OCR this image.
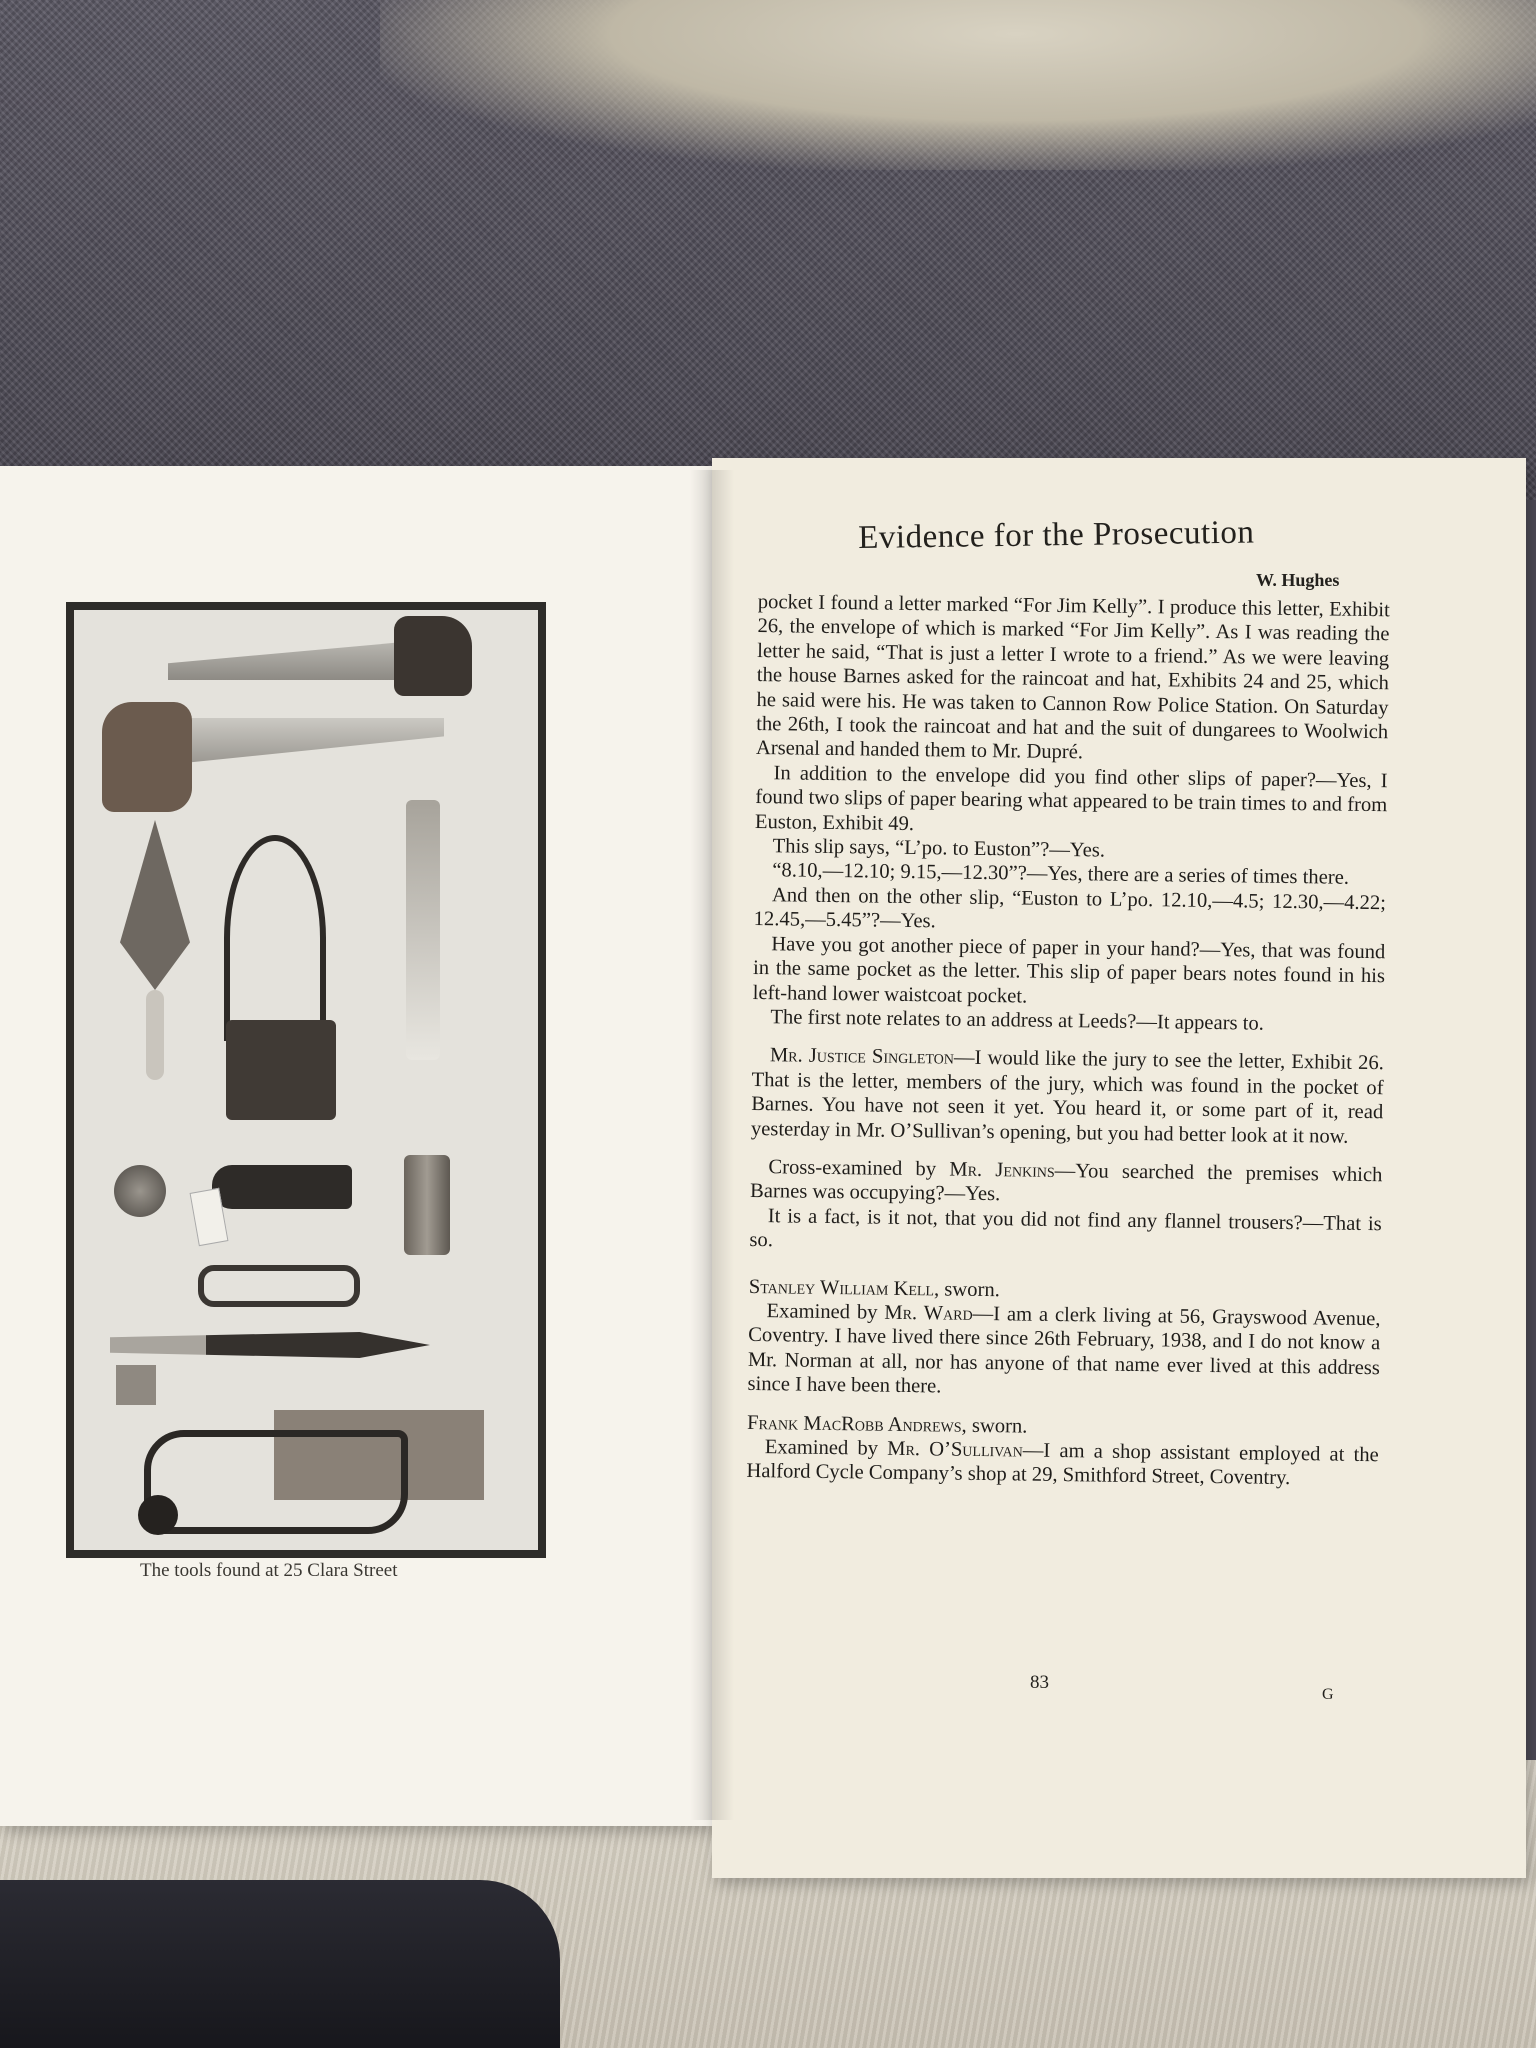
The tools found at 25 Clara Street
Evidence for the Prosecution
W. Hughes

pocket I found a letter marked “For Jim Kelly”. I produce this letter, Exhibit 26, the envelope of which is marked “For Jim Kelly”. As I was reading the letter he said, “That is just a letter I wrote to a friend.” As we were leaving the house Barnes asked for the raincoat and hat, Exhibits 24 and 25, which he said were his. He was taken to Cannon Row Police Station. On Saturday the 26th, I took the raincoat and hat and the suit of dungarees to Woolwich Arsenal and handed them to Mr. Dupré.

In addition to the envelope did you find other slips of paper?—Yes, I found two slips of paper bearing what appeared to be train times to and from Euston, Exhibit 49.

This slip says, “L’po. to Euston”?—Yes.

“8.10,—12.10; 9.15,—12.30”?—Yes, there are a series of times there.

And then on the other slip, “Euston to L’po. 12.10,—4.5; 12.30,—4.22; 12.45,—5.45”?—Yes.

Have you got another piece of paper in your hand?—Yes, that was found in the same pocket as the letter. This slip of paper bears notes found in his left-hand lower waistcoat pocket.

The first note relates to an address at Leeds?—It appears to.

Mr. Justice Singleton—I would like the jury to see the letter, Exhibit 26. That is the letter, members of the jury, which was found in the pocket of Barnes. You have not seen it yet. You heard it, or some part of it, read yesterday in Mr. O’Sullivan’s opening, but you had better look at it now.

Cross-examined by Mr. Jenkins—You searched the premises which Barnes was occupying?—Yes.

It is a fact, is it not, that you did not find any flannel trousers?—That is so.

Stanley William Kell, sworn.

Examined by Mr. Ward—I am a clerk living at 56, Grayswood Avenue, Coventry. I have lived there since 26th February, 1938, and I do not know a Mr. Norman at all, nor has anyone of that name ever lived at this address since I have been there.

Frank MacRobb Andrews, sworn.

Examined by Mr. O’Sullivan—I am a shop assistant employed at the Halford Cycle Company’s shop at 29, Smithford Street, Coventry.

83
G
